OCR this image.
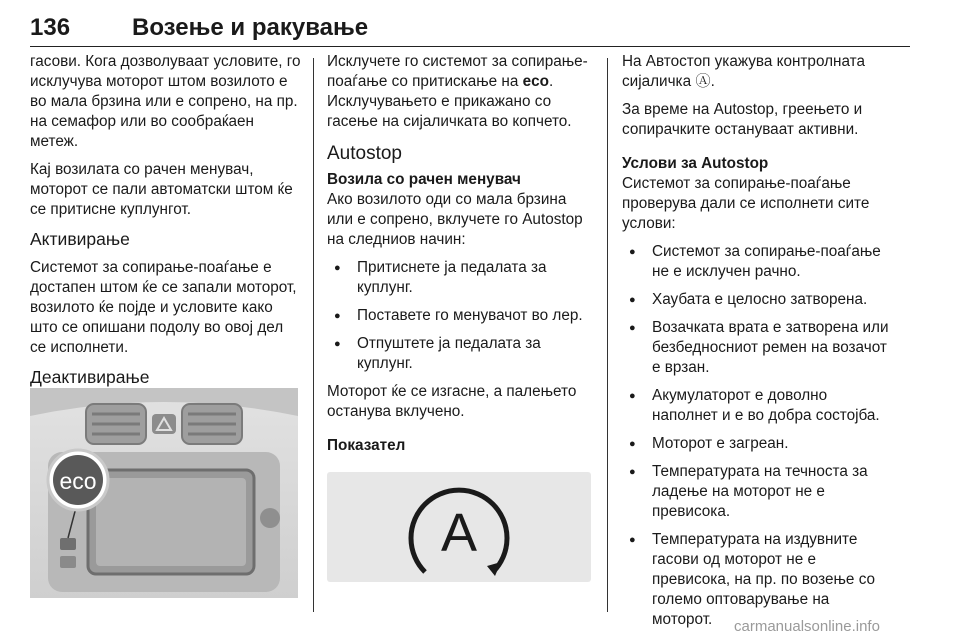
136	Возење и ракување

гасови. Кога дозволуваат условите, го исклучува моторот штом возилото е во мала брзина или е сопрено, на пр. на семафор или во сообраќаен метеж.

Кај возилата со рачен менувач, моторот се пали автоматски штом ќе се притисне куплунгот.

Активирање

Системот за сопирање-поаѓање е достапен штом ќе се запали моторот, возилото ќе појде и условите како што се опишани подолу во овој дел се исполнети.

Деактивирање
eco

Исклучете го системот за сопирање-поаѓање со притискање на eco. Исклучувањето е прикажано со гасење на сијаличката во копчето.

Autostop
Возила со рачен менувач

Ако возилото оди со мала брзина или е сопрено, вклучете го Autostop на следниов начин:

● Притиснете ја педалата за куплунг.
● Поставете го менувачот во лер.
● Отпуштете ја педалата за куплунг.

Моторот ќе се изгасне, а палењето останува вклучено.

Показател
A

На Автостоп укажува контролната сијаличка Ⓐ.

За време на Autostop, греењето и сопирачките остануваат активни.

Услови за Autostop

Системот за сопирање-поаѓање проверува дали се исполнети сите услови:

● Системот за сопирање-поаѓање не е исклучен рачно.
● Хаубата е целосно затворена.
● Возачката врата е затворена или безбедносниот ремен на возачот е врзан.
● Акумулаторот е доволно наполнет и е во добра состојба.
● Моторот е загреан.
● Температурата на течноста за ладење на моторот не е превисока.
● Температурата на издувните гасови од моторот не е превисока, на пр. по возење со големо оптоварување на моторот.	carmanualsonline.info
